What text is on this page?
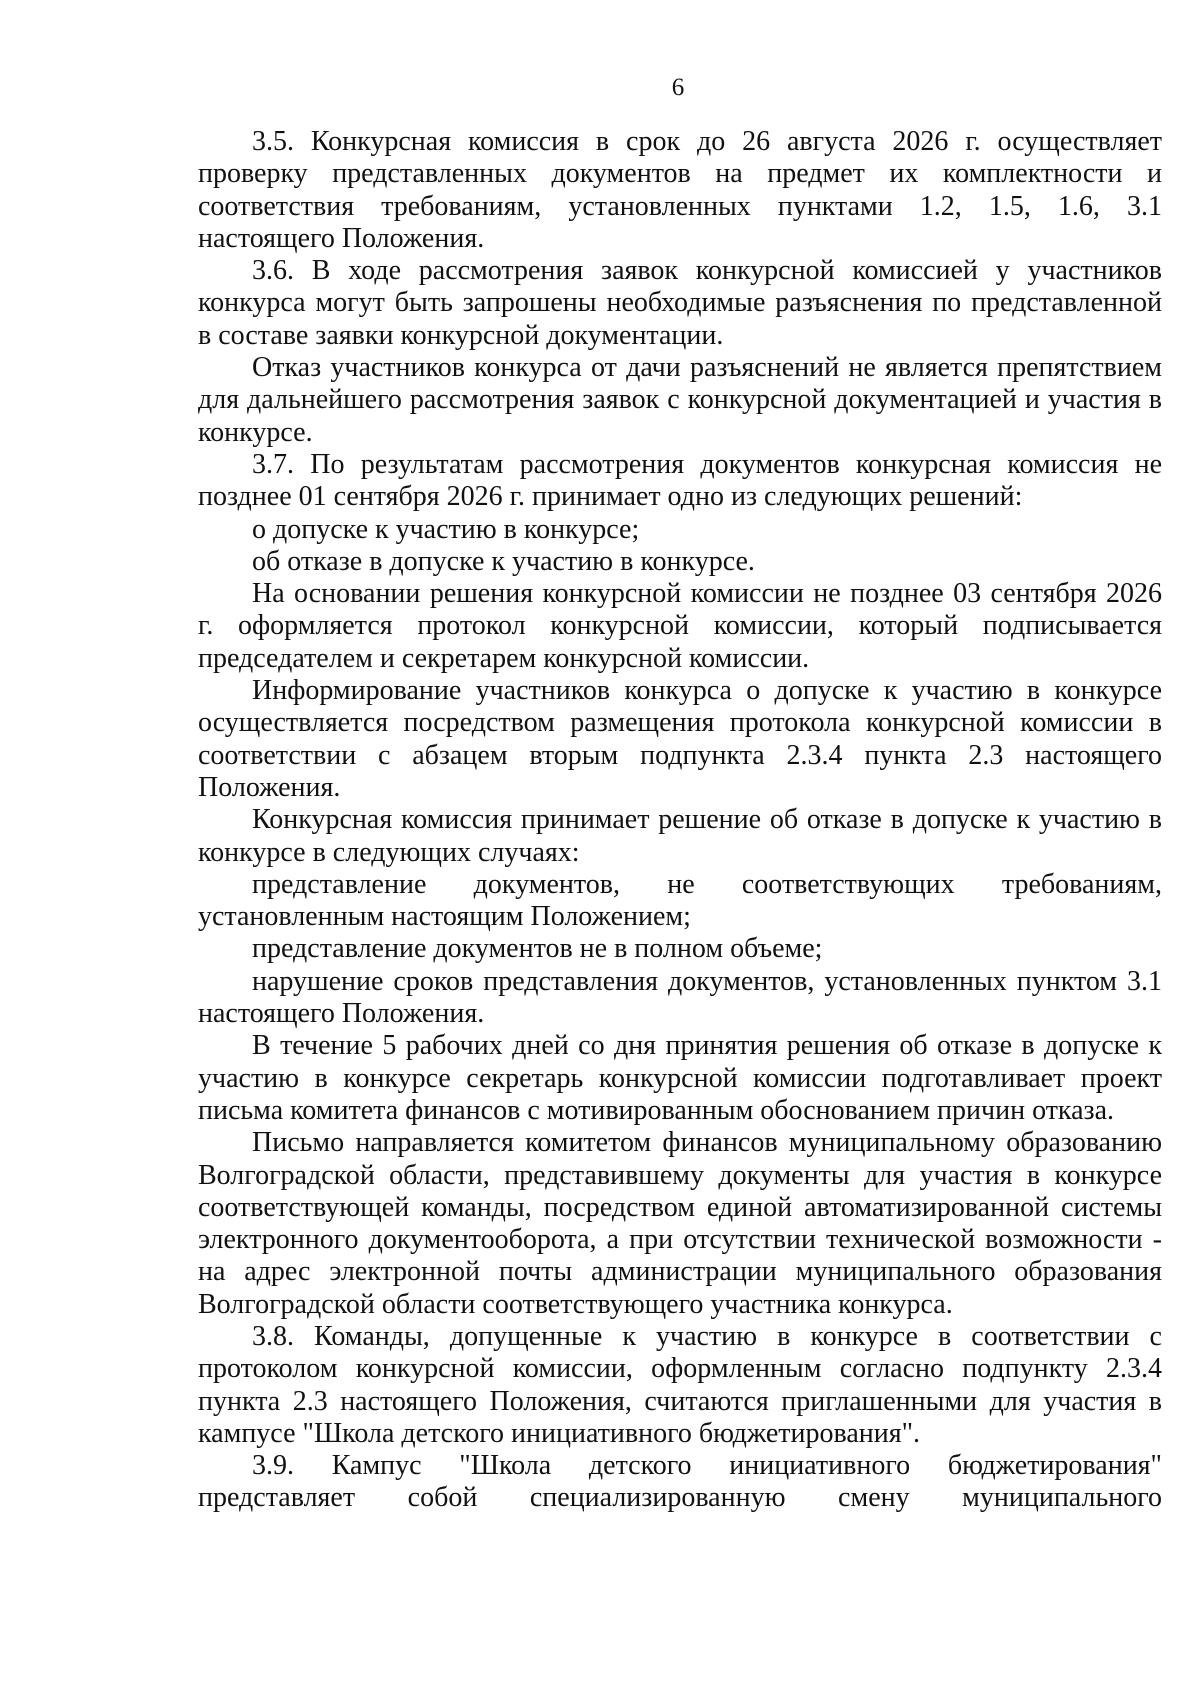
6

3.5. Конкурсная комиссия в срок до 26 августа 2026 г. осуществляет проверку представленных документов на предмет их комплектности и соответствия требованиям, установленных пунктами 1.2, 1.5, 1.6, 3.1 настоящего Положения.

3.6. В ходе рассмотрения заявок конкурсной комиссией у участников конкурса могут быть запрошены необходимые разъяснения по представленной в составе заявки конкурсной документации.

Отказ участников конкурса от дачи разъяснений не является препятствием для дальнейшего рассмотрения заявок с конкурсной документацией и участия в конкурсе.

3.7. По результатам рассмотрения документов конкурсная комиссия не позднее 01 сентября 2026 г. принимает одно из следующих решений:

о допуске к участию в конкурсе;

об отказе в допуске к участию в конкурсе.

На основании решения конкурсной комиссии не позднее 03 сентября 2026 г. оформляется протокол конкурсной комиссии, который подписывается председателем и секретарем конкурсной комиссии.

Информирование участников конкурса о допуске к участию в конкурсе осуществляется посредством размещения протокола конкурсной комиссии в соответствии с абзацем вторым подпункта 2.3.4 пункта 2.3 настоящего Положения.

Конкурсная комиссия принимает решение об отказе в допуске к участию в конкурсе в следующих случаях:

представление документов, не соответствующих требованиям, установленным настоящим Положением;

представление документов не в полном объеме;

нарушение сроков представления документов, установленных пунктом 3.1 настоящего Положения.

В течение 5 рабочих дней со дня принятия решения об отказе в допуске к участию в конкурсе секретарь конкурсной комиссии подготавливает проект письма комитета финансов с мотивированным обоснованием причин отказа.

Письмо направляется комитетом финансов муниципальному образованию Волгоградской области, представившему документы для участия в конкурсе соответствующей команды, посредством единой автоматизированной системы электронного документооборота, а при отсутствии технической возможности - на адрес электронной почты администрации муниципального образования Волгоградской области соответствующего участника конкурса.

3.8. Команды, допущенные к участию в конкурсе в соответствии с протоколом конкурсной комиссии, оформленным согласно подпункту 2.3.4 пункта 2.3 настоящего Положения, считаются приглашенными для участия в кампусе "Школа детского инициативного бюджетирования".

3.9. Кампус "Школа детского инициативного бюджетирования" представляет собой специализированную смену муниципального
